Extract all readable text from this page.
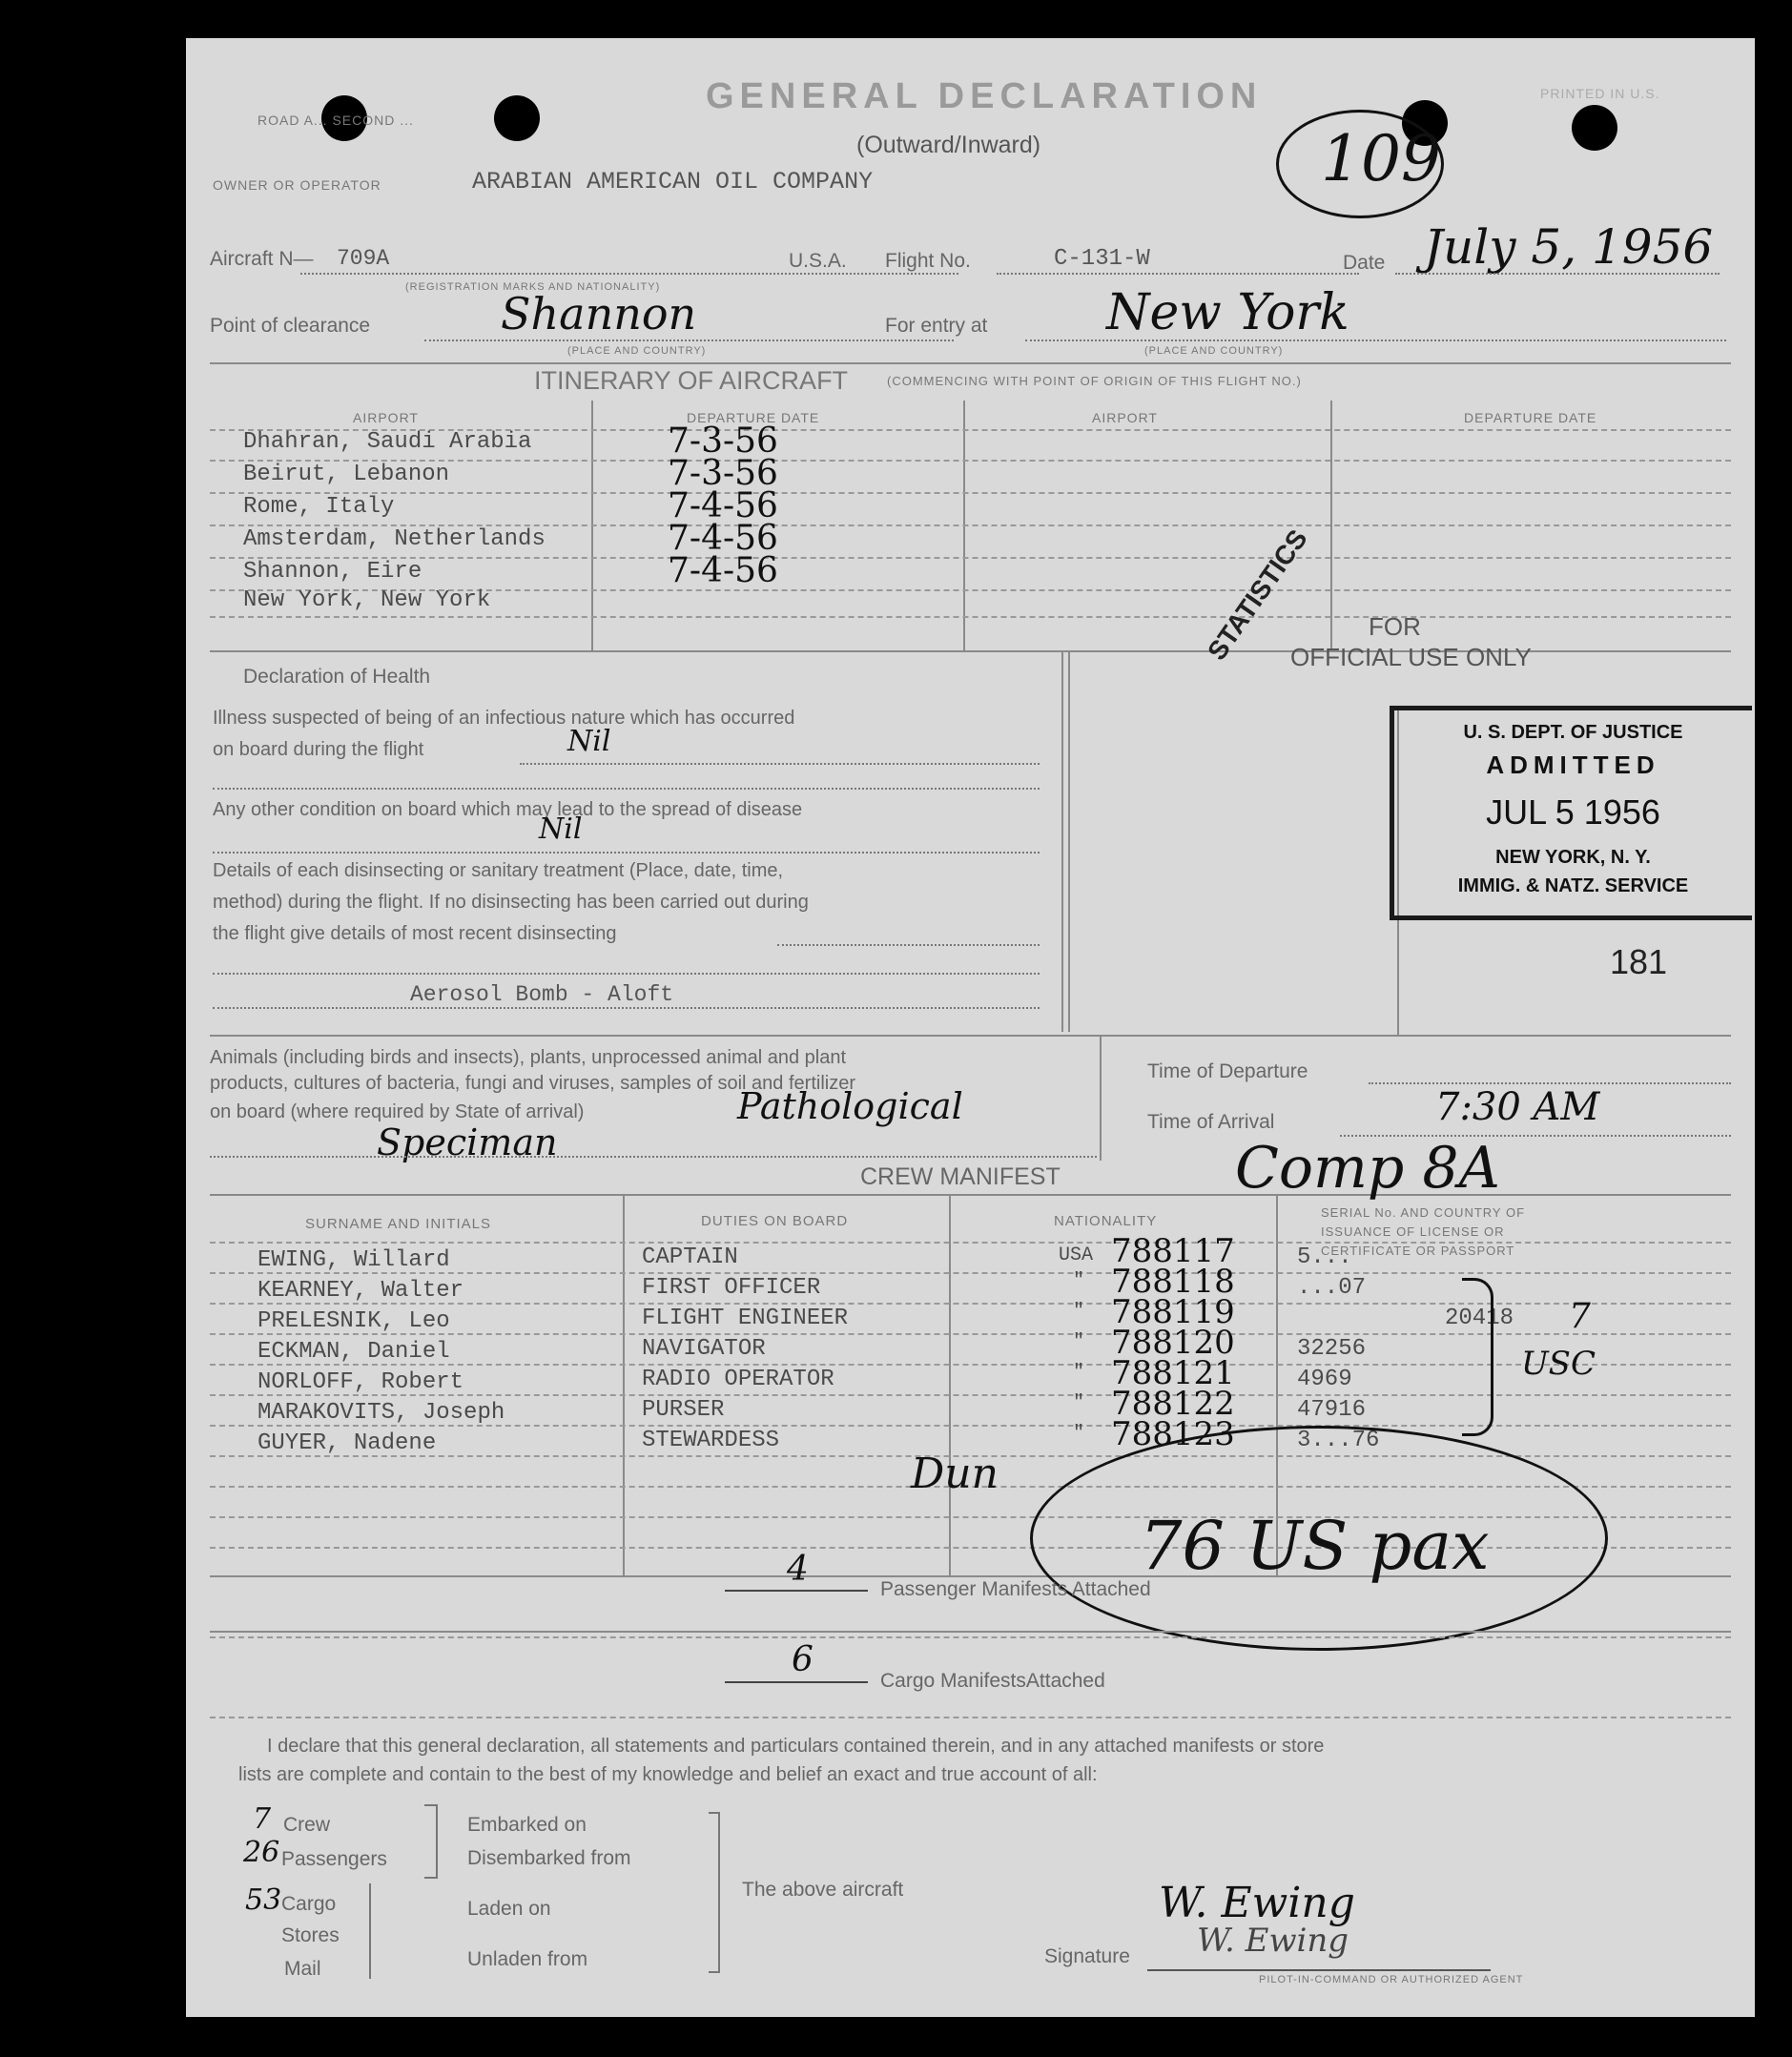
ROAD A... SECOND ...
GENERAL DECLARATION	PRINTED IN U.S.
(Outward/Inward)	109
OWNER OR OPERATOR	ARABIAN AMERICAN OIL COMPANY
Aircraft N— 709A
(REGISTRATION MARKS AND NATIONALITY)
U.S.A. Flight No.	C-131-W	Date July 5, 1956
Point of clearance	Shannon
(PLACE AND COUNTRY)
For entry at New York
(PLACE AND COUNTRY)
ITINERARY OF AIRCRAFT	(COMMENCING WITH POINT OF ORIGIN OF THIS FLIGHT NO.)
AIRPORT	DEPARTURE DATE	AIRPORT	DEPARTURE DATE
Dhahran, Saudi Arabia	7-3-56
Beirut, Lebanon	7-3-56
Rome, Italy	7-4-56
Amsterdam, Netherlands	7-4-56
Shannon, Eire	7-4-56
New York, New York
Declaration of Health
Illness suspected of being of an infectious nature which has occurred
on board during the flight	Nil
Any other condition on board which may lead to the spread of disease
Nil
Details of each disinsecting or sanitary treatment (Place, date, time,
method) during the flight. If no disinsecting has been carried out during
the flight give details of most recent disinsecting
Aerosol Bomb - Aloft
FOR
OFFICIAL USE ONLY
STATISTICS
U. S. DEPT. OF JUSTICE
ADMITTED
JUL 5 1956
NEW YORK, N. Y.
IMMIG. & NATZ. SERVICE
181
Animals (including birds and insects), plants, unprocessed animal and plant
products, cultures of bacteria, fungi and viruses, samples of soil and fertilizer
on board (where required by State of arrival)	Pathological
Speciman
Time of Departure
Time of Arrival	7:30 AM
CREW MANIFEST
SURNAME AND INITIALS	DUTIES ON BOARD	NATIONALITY
SERIAL No. AND COUNTRY OF ISSUANCE OF LICENSE OR CERTIFICATE OR PASSPORT
Comp 8A
EWING, Willard	CAPTAIN	USA 788117	5...
KEARNEY, Walter	FIRST OFFICER	" 788118	...07
PRELESNIK, Leo	FLIGHT ENGINEER	" 788119	20418
ECKMAN, Daniel	NAVIGATOR	" 788120	32256
NORLOFF, Robert	RADIO OPERATOR	" 788121	4969
MARAKOVITS, Joseph	PURSER	" 788122	47916
GUYER, Nadene	STEWARDESS	" 788123	3...76
7
USC
Dun
76 US pax
4
Passenger Manifests Attached
6
Cargo ManifestsAttached
I declare that this general declaration, all statements and particulars contained therein, and in any attached manifests or store
lists are complete and contain to the best of my knowledge and belief an exact and true account of all:
7 Crew
26 Passengers
53 Cargo
Stores
Mail
Embarked on
Disembarked from
Laden on
Unladen from
The above aircraft
Signature
W. Ewing
W. Ewing
PILOT-IN-COMMAND OR AUTHORIZED AGENT
